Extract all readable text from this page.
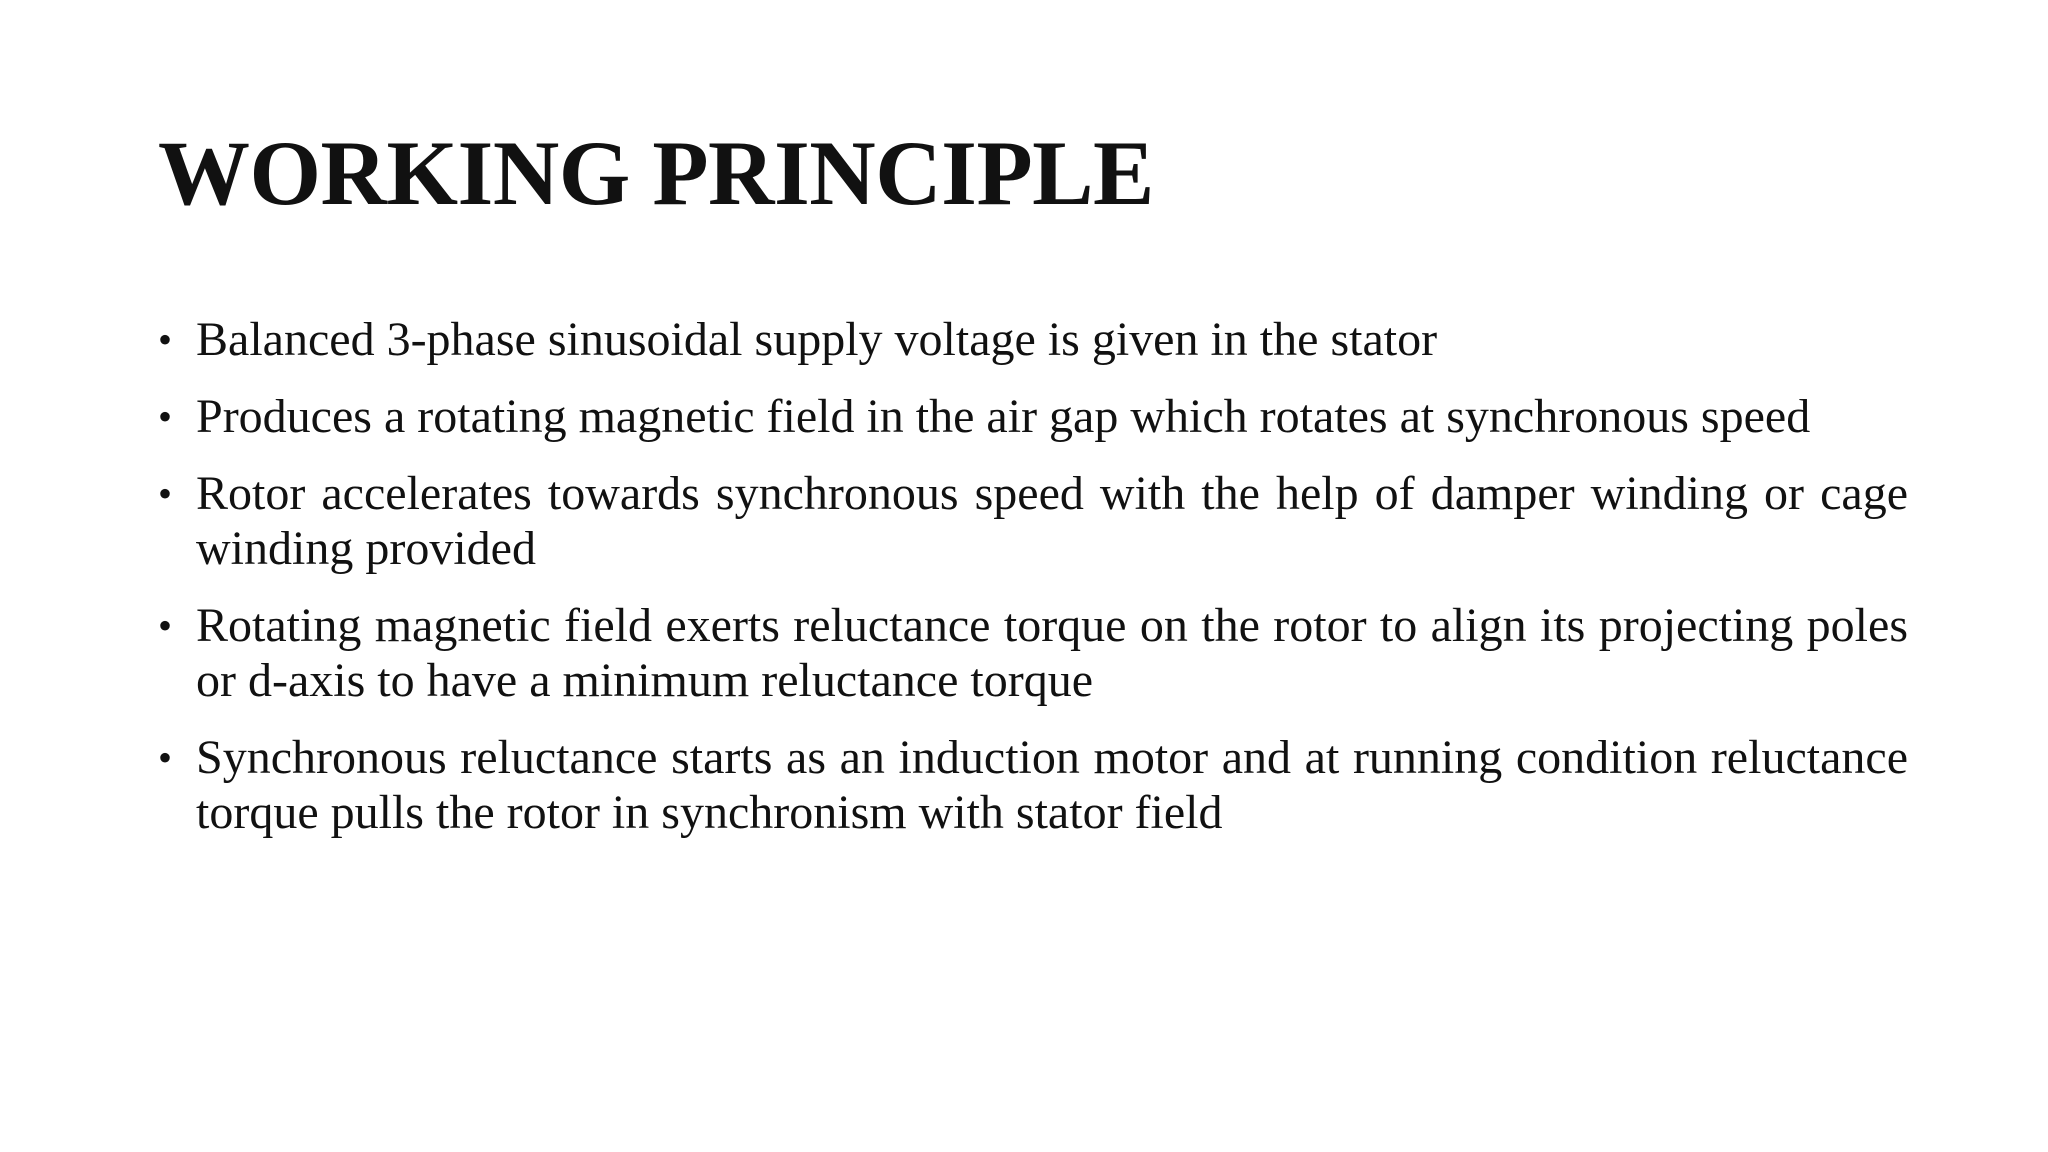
WORKING PRINCIPLE
• Balanced 3-phase sinusoidal supply voltage is given in the stator
• Produces a rotating magnetic field in the air gap which rotates at synchronous speed
• Rotor accelerates towards synchronous speed with the help of damper winding or cage winding provided
• Rotating magnetic field exerts reluctance torque on the rotor to align its projecting poles or d-axis to have a minimum reluctance torque
• Synchronous reluctance starts as an induction motor and at running condition reluctance torque pulls the rotor in synchronism with stator field
